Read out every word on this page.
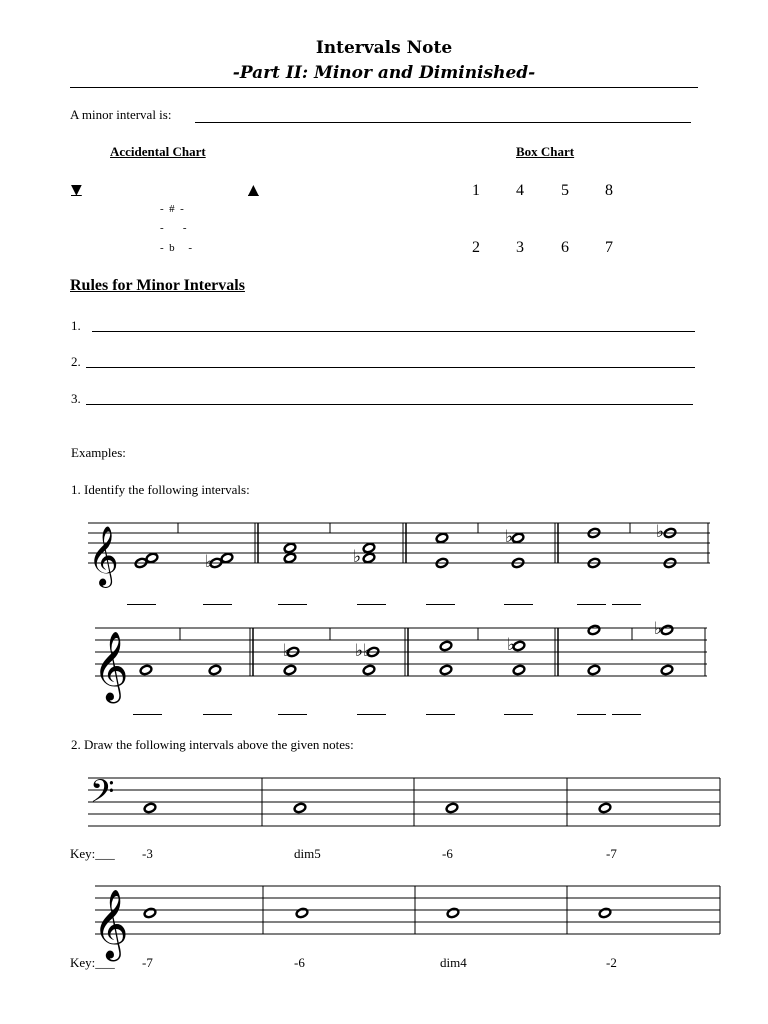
Intervals Note
-Part II: Minor and Diminished-
A minor interval is:
Accidental Chart
▼	▲
-  #  -
-       -
-  b     -
Box Chart
1	4	5	8
2	3	6	7
Rules for Minor Intervals
1.
2.
3.
Examples:
1. Identify the following intervals:
𝄞	♭	♭
♭	♭
𝄞	♭	♭♭	♭
♭
𝄢
𝄞
2. Draw the following intervals above the given notes:
Key:___ -3	dim5	-6	-7
Key:___ -7	-6	dim4	-2
